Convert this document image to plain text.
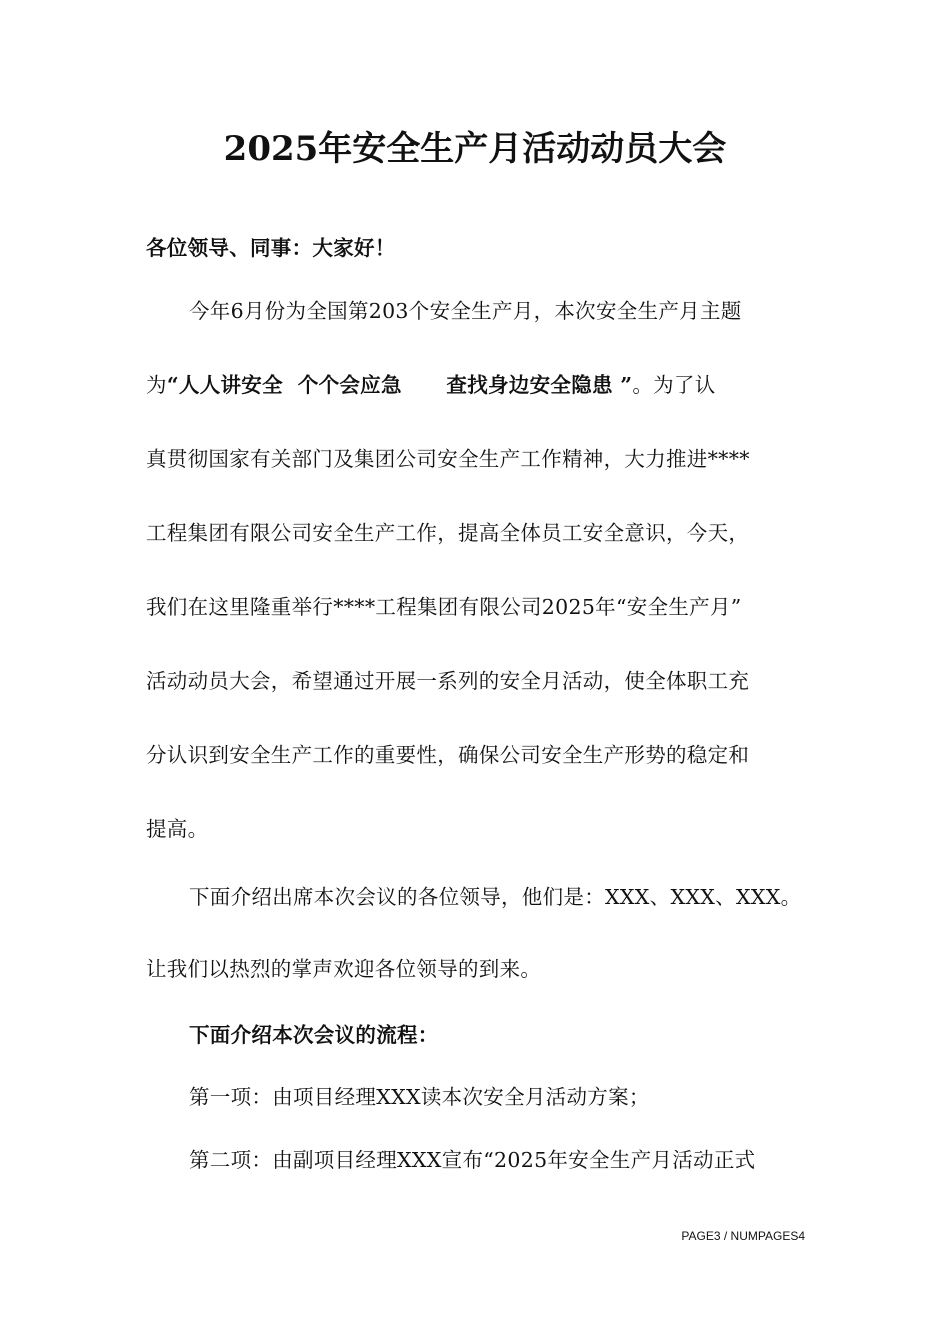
2025年安全生产月活动动员大会
各位领导、同事：大家好！
今年6月份为全国第203个安全生产月，本次安全生产月主题
为“人人讲安全  个个会应急      查找身边安全隐患 ”。为了认
真贯彻国家有关部门及集团公司安全生产工作精神，大力推进****
工程集团有限公司安全生产工作，提高全体员工安全意识，今天，
我们在这里隆重举行****工程集团有限公司2025年“安全生产月”
活动动员大会，希望通过开展一系列的安全月活动，使全体职工充
分认识到安全生产工作的重要性，确保公司安全生产形势的稳定和
提高。
下面介绍出席本次会议的各位领导，他们是：XXX、XXX、XXX。
让我们以热烈的掌声欢迎各位领导的到来。
下面介绍本次会议的流程：
第一项：由项目经理XXX读本次安全月活动方案；
第二项：由副项目经理XXX宣布“2025年安全生产月活动正式
PAGE3 / NUMPAGES4
